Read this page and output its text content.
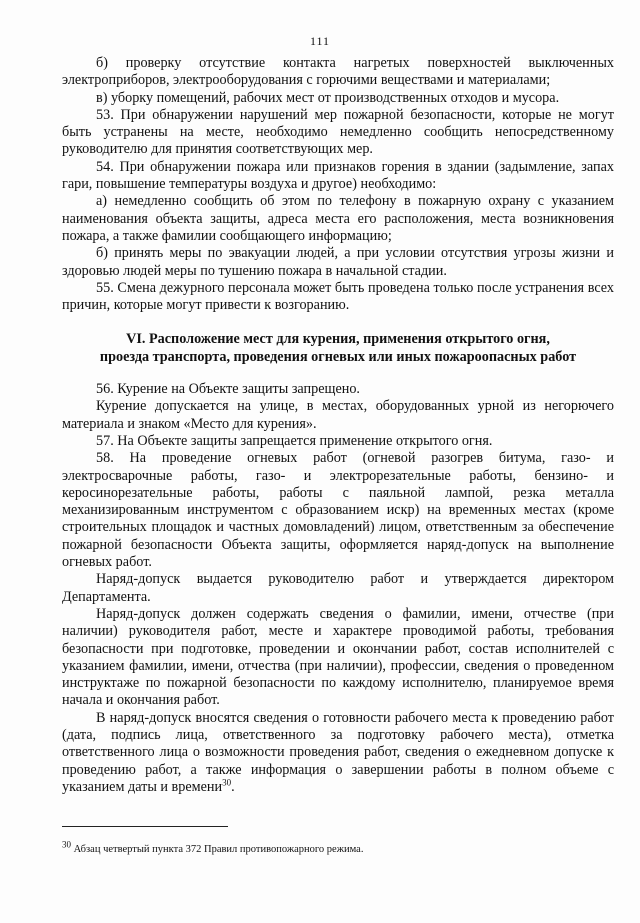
111

б) проверку отсутствие контакта нагретых поверхностей выключенных электроприборов, электрооборудования с горючими веществами и материалами;

в) уборку помещений, рабочих мест от производственных отходов и мусора.

53. При обнаружении нарушений мер пожарной безопасности, которые не могут быть устранены на месте, необходимо немедленно сообщить непосредственному руководителю для принятия соответствующих мер.

54. При обнаружении пожара или признаков горения в здании (задымление, запах гари, повышение температуры воздуха и другое) необходимо:

а) немедленно сообщить об этом по телефону в пожарную охрану с указанием наименования объекта защиты, адреса места его расположения, места возникновения пожара, а также фамилии сообщающего информацию;

б) принять меры по эвакуации людей, а при условии отсутствия угрозы жизни и здоровью людей меры по тушению пожара в начальной стадии.

55. Смена дежурного персонала может быть проведена только после устранения всех причин, которые могут привести к возгоранию.

VI. Расположение мест для курения, применения открытого огня,
проезда транспорта, проведения огневых или иных пожароопасных работ

56. Курение на Объекте защиты запрещено.

Курение допускается на улице, в местах, оборудованных урной из негорючего материала и знаком «Место для курения».

57. На Объекте защиты запрещается применение открытого огня.

58. На проведение огневых работ (огневой разогрев битума, газо- и электросварочные работы, газо- и электрорезательные работы, бензино- и керосинорезательные работы, работы с паяльной лампой, резка металла механизированным инструментом с образованием искр) на временных местах (кроме строительных площадок и частных домовладений) лицом, ответственным за обеспечение пожарной безопасности Объекта защиты, оформляется наряд-допуск на выполнение огневых работ.

Наряд-допуск выдается руководителю работ и утверждается директором Департамента.

Наряд-допуск должен содержать сведения о фамилии, имени, отчестве (при наличии) руководителя работ, месте и характере проводимой работы, требования безопасности при подготовке, проведении и окончании работ, состав исполнителей с указанием фамилии, имени, отчества (при наличии), профессии, сведения о проведенном инструктаже по пожарной безопасности по каждому исполнителю, планируемое время начала и окончания работ.

В наряд-допуск вносятся сведения о готовности рабочего места к проведению работ (дата, подпись лица, ответственного за подготовку рабочего места), отметка ответственного лица о возможности проведения работ, сведения о ежедневном допуске к проведению работ, а также информация о завершении работы в полном объеме с указанием даты и времени$^{30}$.

$^{30}$ Абзац четвертый пункта 372 Правил противопожарного режима.
